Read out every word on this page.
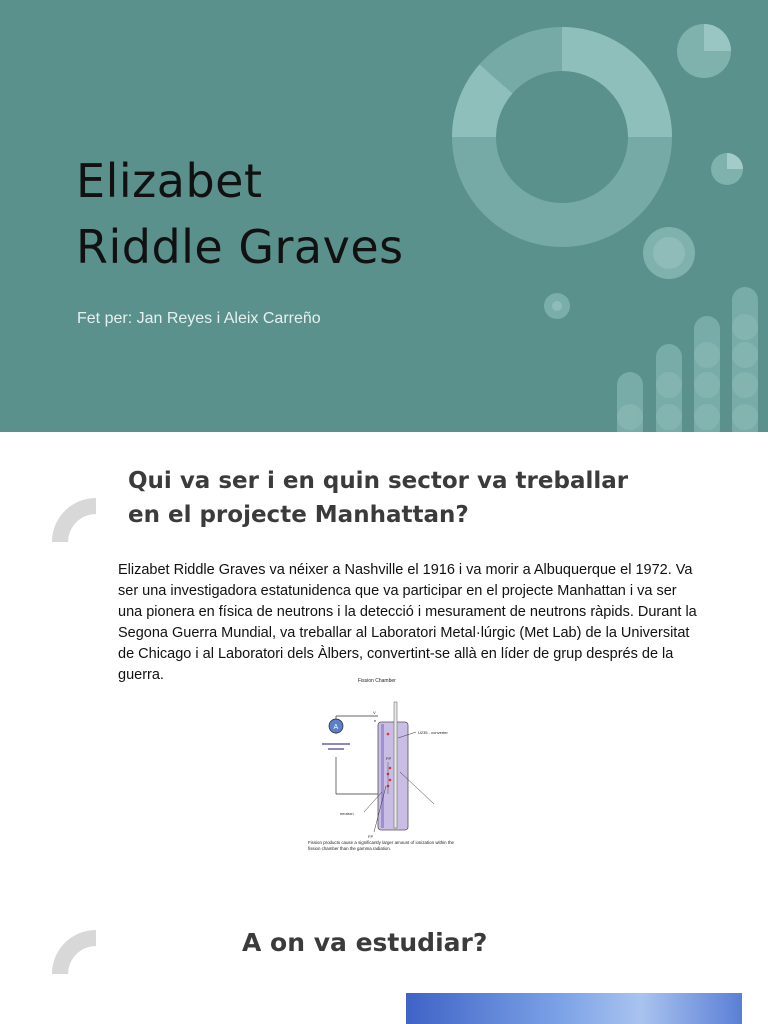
Elizabet
Riddle Graves
Fet per: Jan Reyes i Aleix Carreño
Qui va ser i en quin sector va treballar
en el projecte Manhattan?

Elizabet Riddle Graves va néixer a Nashville el 1916 i va morir a Albuquerque el 1972. Va ser una investigadora estatunidenca que va participar en el projecte Manhattan i va ser una pionera en física de neutrons i la detecció i mesurament de neutrons ràpids. Durant la Segona Guerra Mundial, va treballar al Laboratori Metal·lúrgic (Met Lab) de la Universitat de Chicago i al Laboratori dels Àlbers, convertint-se allà en líder de grup després de la guerra.	Fission Chamber
A
V
n
U235 - converter
FP
neutron
FP
Fission products cause a significantly larger amount of ionization within the fission chamber than the gamma radiation.
A on va estudiar?
